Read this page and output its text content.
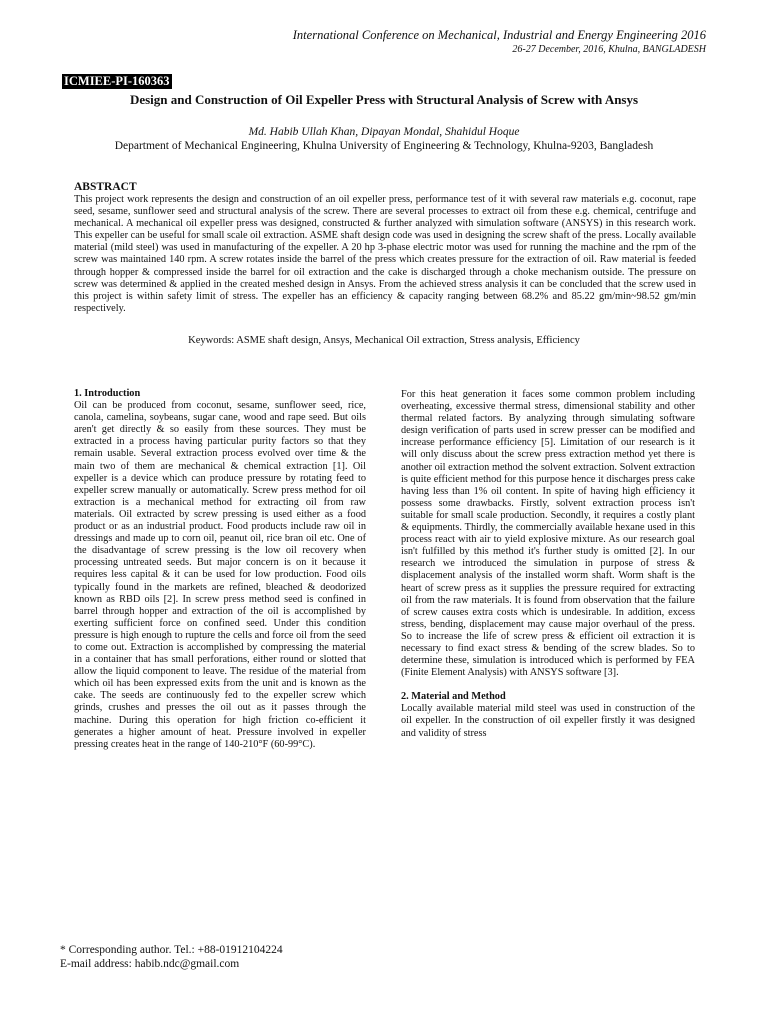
International Conference on Mechanical, Industrial and Energy Engineering 2016
26-27 December, 2016, Khulna, BANGLADESH
ICMIEE-PI-160363
Design and Construction of Oil Expeller Press with Structural Analysis of Screw with Ansys
Md. Habib Ullah Khan, Dipayan Mondal, Shahidul Hoque
Department of Mechanical Engineering, Khulna University of Engineering & Technology, Khulna-9203, Bangladesh
ABSTRACT

This project work represents the design and construction of an oil expeller press, performance test of it with several raw materials e.g. coconut, rape seed, sesame, sunflower seed and structural analysis of the screw. There are several processes to extract oil from these e.g. chemical, centrifuge and mechanical. A mechanical oil expeller press was designed, constructed & further analyzed with simulation software (ANSYS) in this research work. This expeller can be useful for small scale oil extraction. ASME shaft design code was used in designing the screw shaft of the press. Locally available material (mild steel) was used in manufacturing of the expeller. A 20 hp 3-phase electric motor was used for running the machine and the rpm of the screw was maintained 140 rpm. A screw rotates inside the barrel of the press which creates pressure for the extraction of oil. Raw material is feeded through hopper & compressed inside the barrel for oil extraction and the cake is discharged through a choke mechanism outside. The pressure on screw was determined & applied in the created meshed design in Ansys. From the achieved stress analysis it can be concluded that the screw used in this project is within safety limit of stress. The expeller has an efficiency & capacity ranging between 68.2% and 85.22 gm/min~98.52 gm/min respectively.

Keywords: ASME shaft design, Ansys, Mechanical Oil extraction, Stress analysis, Efficiency

1. Introduction

Oil can be produced from coconut, sesame, sunflower seed, rice, canola, camelina, soybeans, sugar cane, wood and rape seed. But oils aren't get directly & so easily from these sources. They must be extracted in a process having particular purity factors so that they remain usable. Several extraction process evolved over time & the main two of them are mechanical & chemical extraction [1]. Oil expeller is a device which can produce pressure by rotating feed to expeller screw manually or automatically. Screw press method for oil extraction is a mechanical method for extracting oil from raw materials. Oil extracted by screw pressing is used either as a food product or as an industrial product. Food products include raw oil in dressings and made up to corn oil, peanut oil, rice bran oil etc. One of the disadvantage of screw pressing is the low oil recovery when processing untreated seeds. But major concern is on it because it requires less capital & it can be used for low production. Food oils typically found in the markets are refined, bleached & deodorized known as RBD oils [2]. In screw press method seed is confined in barrel through hopper and extraction of the oil is accomplished by exerting sufficient force on confined seed. Under this condition pressure is high enough to rupture the cells and force oil from the seed to come out. Extraction is accomplished by compressing the material in a container that has small perforations, either round or slotted that allow the liquid component to leave. The residue of the material from which oil has been expressed exits from the unit and is known as the cake. The seeds are continuously fed to the expeller screw which grinds, crushes and presses the oil out as it passes through the machine. During this operation for high friction co-efficient it generates a higher amount of heat. Pressure involved in expeller pressing creates heat in the range of 140-210°F (60-99°C).

For this heat generation it faces some common problem including overheating, excessive thermal stress, dimensional stability and other thermal related factors. By analyzing through simulating software design verification of parts used in screw presser can be modified and increase performance efficiency [5]. Limitation of our research is it will only discuss about the screw press extraction method yet there is another oil extraction method the solvent extraction. Solvent extraction is quite efficient method for this purpose hence it discharges press cake having less than 1% oil content. In spite of having high efficiency it possess some drawbacks. Firstly, solvent extraction process isn't suitable for small scale production. Secondly, it requires a costly plant & equipments. Thirdly, the commercially available hexane used in this process react with air to yield explosive mixture. As our research goal isn't fulfilled by this method it's further study is omitted [2]. In our research we introduced the simulation in purpose of stress & displacement analysis of the installed worm shaft. Worm shaft is the heart of screw press as it supplies the pressure required for extracting oil from the raw materials. It is found from observation that the failure of screw causes extra costs which is undesirable. In addition, excess stress, bending, displacement may cause major overhaul of the press. So to increase the life of screw press & efficient oil extraction it is necessary to find exact stress & bending of the screw blades. So to determine these, simulation is introduced which is performed by FEA (Finite Element Analysis) with ANSYS software [3].

2. Material and Method

Locally available material mild steel was used in construction of the oil expeller. In the construction of oil expeller firstly it was designed and validity of stress

* Corresponding author. Tel.: +88-01912104224
E-mail address: habib.ndc@gmail.com
